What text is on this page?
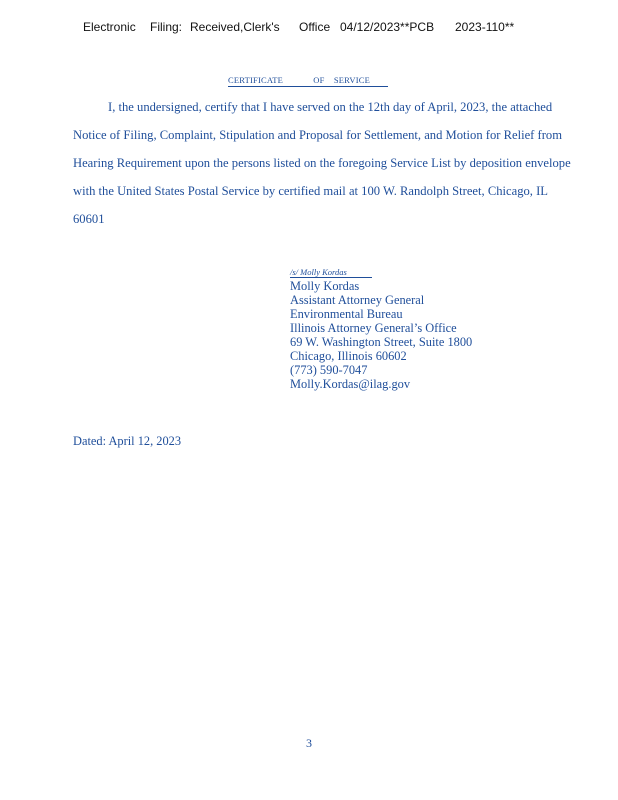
Electronic Filing: Received,Clerk's Office 04/12/2023**PCB 2023-110**
CERTIFICATE             OF    SERVICE
I, the undersigned, certify that I have served on the 12th day of April, 2023, the attached
Notice of Filing, Complaint, Stipulation and Proposal for Settlement, and Motion for Relief from
Hearing Requirement upon the persons listed on the foregoing Service List by deposition envelope
with the United States Postal Service by certified mail at 100 W. Randolph Street, Chicago, IL
60601
/s/ Molly Kordas
Molly Kordas
Assistant Attorney General
Environmental Bureau
Illinois Attorney General’s Office
69 W. Washington Street, Suite 1800
Chicago, Illinois 60602
(773) 590-7047
Molly.Kordas@ilag.gov
Dated: April 12, 2023
3
